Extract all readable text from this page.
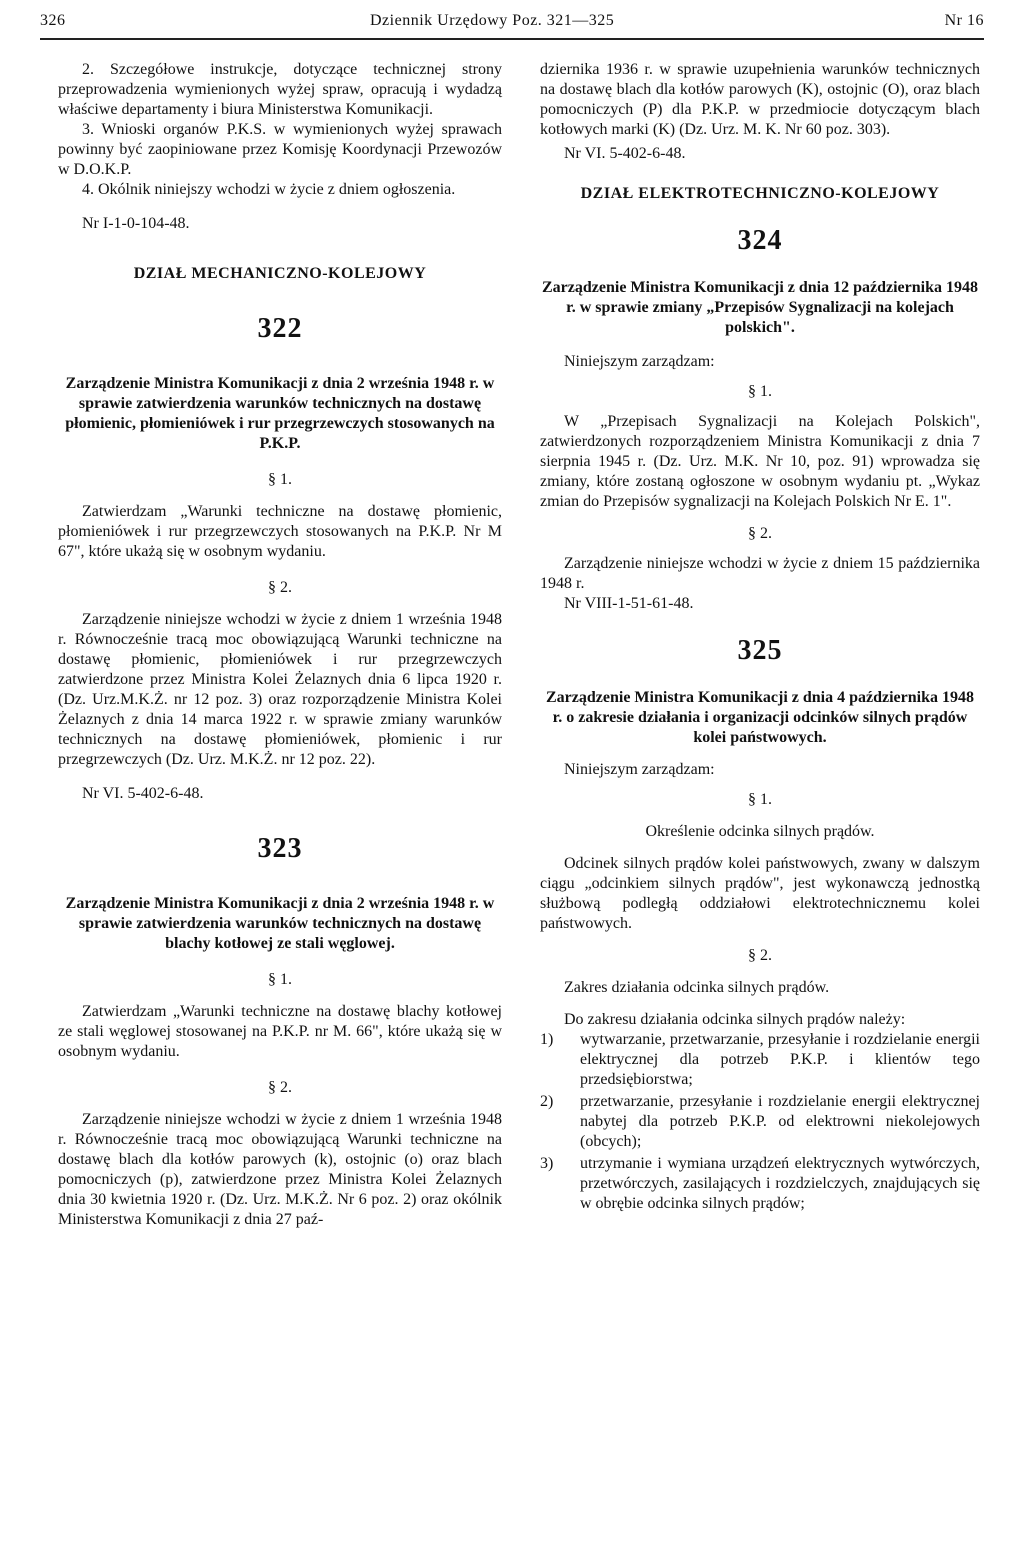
326	Dziennik Urzędowy Poz. 321—325	Nr 16

2. Szczegółowe instrukcje, dotyczące technicznej strony przeprowadzenia wymienionych wyżej spraw, opracują i wydadzą właściwe departamenty i biura Ministerstwa Komunikacji.

3. Wnioski organów P.K.S. w wymienionych wyżej sprawach powinny być zaopiniowane przez Komisję Koordynacji Przewozów w D.O.K.P.

4. Okólnik niniejszy wchodzi w życie z dniem ogłoszenia.

Nr I-1-0-104-48.

DZIAŁ MECHANICZNO-KOLEJOWY

322

Zarządzenie Ministra Komunikacji z dnia 2 września 1948 r. w sprawie zatwierdzenia warunków technicznych na dostawę płomienic, płomieniówek i rur przegrzewczych stosowanych na P.K.P.

§ 1.

Zatwierdzam „Warunki techniczne na dostawę płomienic, płomieniówek i rur przegrzewczych stosowanych na P.K.P. Nr M 67", które ukażą się w osobnym wydaniu.

§ 2.

Zarządzenie niniejsze wchodzi w życie z dniem 1 września 1948 r. Równocześnie tracą moc obowiązującą Warunki techniczne na dostawę płomienic, płomieniówek i rur przegrzewczych zatwierdzone przez Ministra Kolei Żelaznych dnia 6 lipca 1920 r. (Dz. Urz.M.K.Ż. nr 12 poz. 3) oraz rozporządzenie Ministra Kolei Żelaznych z dnia 14 marca 1922 r. w sprawie zmiany warunków technicznych na dostawę płomieniówek, płomienic i rur przegrzewczych (Dz. Urz. M.K.Ż. nr 12 poz. 22).

Nr VI. 5-402-6-48.

323

Zarządzenie Ministra Komunikacji z dnia 2 września 1948 r. w sprawie zatwierdzenia warunków technicznych na dostawę blachy kotłowej ze stali węglowej.

§ 1.

Zatwierdzam „Warunki techniczne na dostawę blachy kotłowej ze stali węglowej stosowanej na P.K.P. nr M. 66", które ukażą się w osobnym wydaniu.

§ 2.

Zarządzenie niniejsze wchodzi w życie z dniem 1 września 1948 r. Równocześnie tracą moc obowiązującą Warunki techniczne na dostawę blach dla kotłów parowych (k), ostojnic (o) oraz blach pomocniczych (p), zatwierdzone przez Ministra Kolei Żelaznych dnia 30 kwietnia 1920 r. (Dz. Urz. M.K.Ż. Nr 6 poz. 2) oraz okólnik Ministerstwa Komunikacji z dnia 27 paź-

dziernika 1936 r. w sprawie uzupełnienia warunków technicznych na dostawę blach dla kotłów parowych (K), ostojnic (O), oraz blach pomocniczych (P) dla P.K.P. w przedmiocie dotyczącym blach kotłowych marki (K) (Dz. Urz. M. K. Nr 60 poz. 303).

Nr VI. 5-402-6-48.

DZIAŁ ELEKTROTECHNICZNO-KOLEJOWY

324

Zarządzenie Ministra Komunikacji z dnia 12 października 1948 r. w sprawie zmiany „Przepisów Sygnalizacji na kolejach polskich".

Niniejszym zarządzam:

§ 1.

W „Przepisach Sygnalizacji na Kolejach Polskich", zatwierdzonych rozporządzeniem Ministra Komunikacji z dnia 7 sierpnia 1945 r. (Dz. Urz. M.K. Nr 10, poz. 91) wprowadza się zmiany, które zostaną ogłoszone w osobnym wydaniu pt. „Wykaz zmian do Przepisów sygnalizacji na Kolejach Polskich Nr E. 1".

§ 2.

Zarządzenie niniejsze wchodzi w życie z dniem 15 października 1948 r.

Nr VIII-1-51-61-48.

325

Zarządzenie Ministra Komunikacji z dnia 4 października 1948 r. o zakresie działania i organizacji odcinków silnych prądów kolei państwowych.

Niniejszym zarządzam:

§ 1.

Określenie odcinka silnych prądów.

Odcinek silnych prądów kolei państwowych, zwany w dalszym ciągu „odcinkiem silnych prądów", jest wykonawczą jednostką służbową podległą oddziałowi elektrotechnicznemu kolei państwowych.

§ 2.

Zakres działania odcinka silnych prądów.

Do zakresu działania odcinka silnych prądów należy:

1) wytwarzanie, przetwarzanie, przesyłanie i rozdzielanie energii elektrycznej dla potrzeb P.K.P. i klientów tego przedsiębiorstwa;
2) przetwarzanie, przesyłanie i rozdzielanie energii elektrycznej nabytej dla potrzeb P.K.P. od elektrowni niekolejowych (obcych);
3) utrzymanie i wymiana urządzeń elektrycznych wytwórczych, przetwórczych, zasilających i rozdzielczych, znajdujących się w obrębie odcinka silnych prądów;
